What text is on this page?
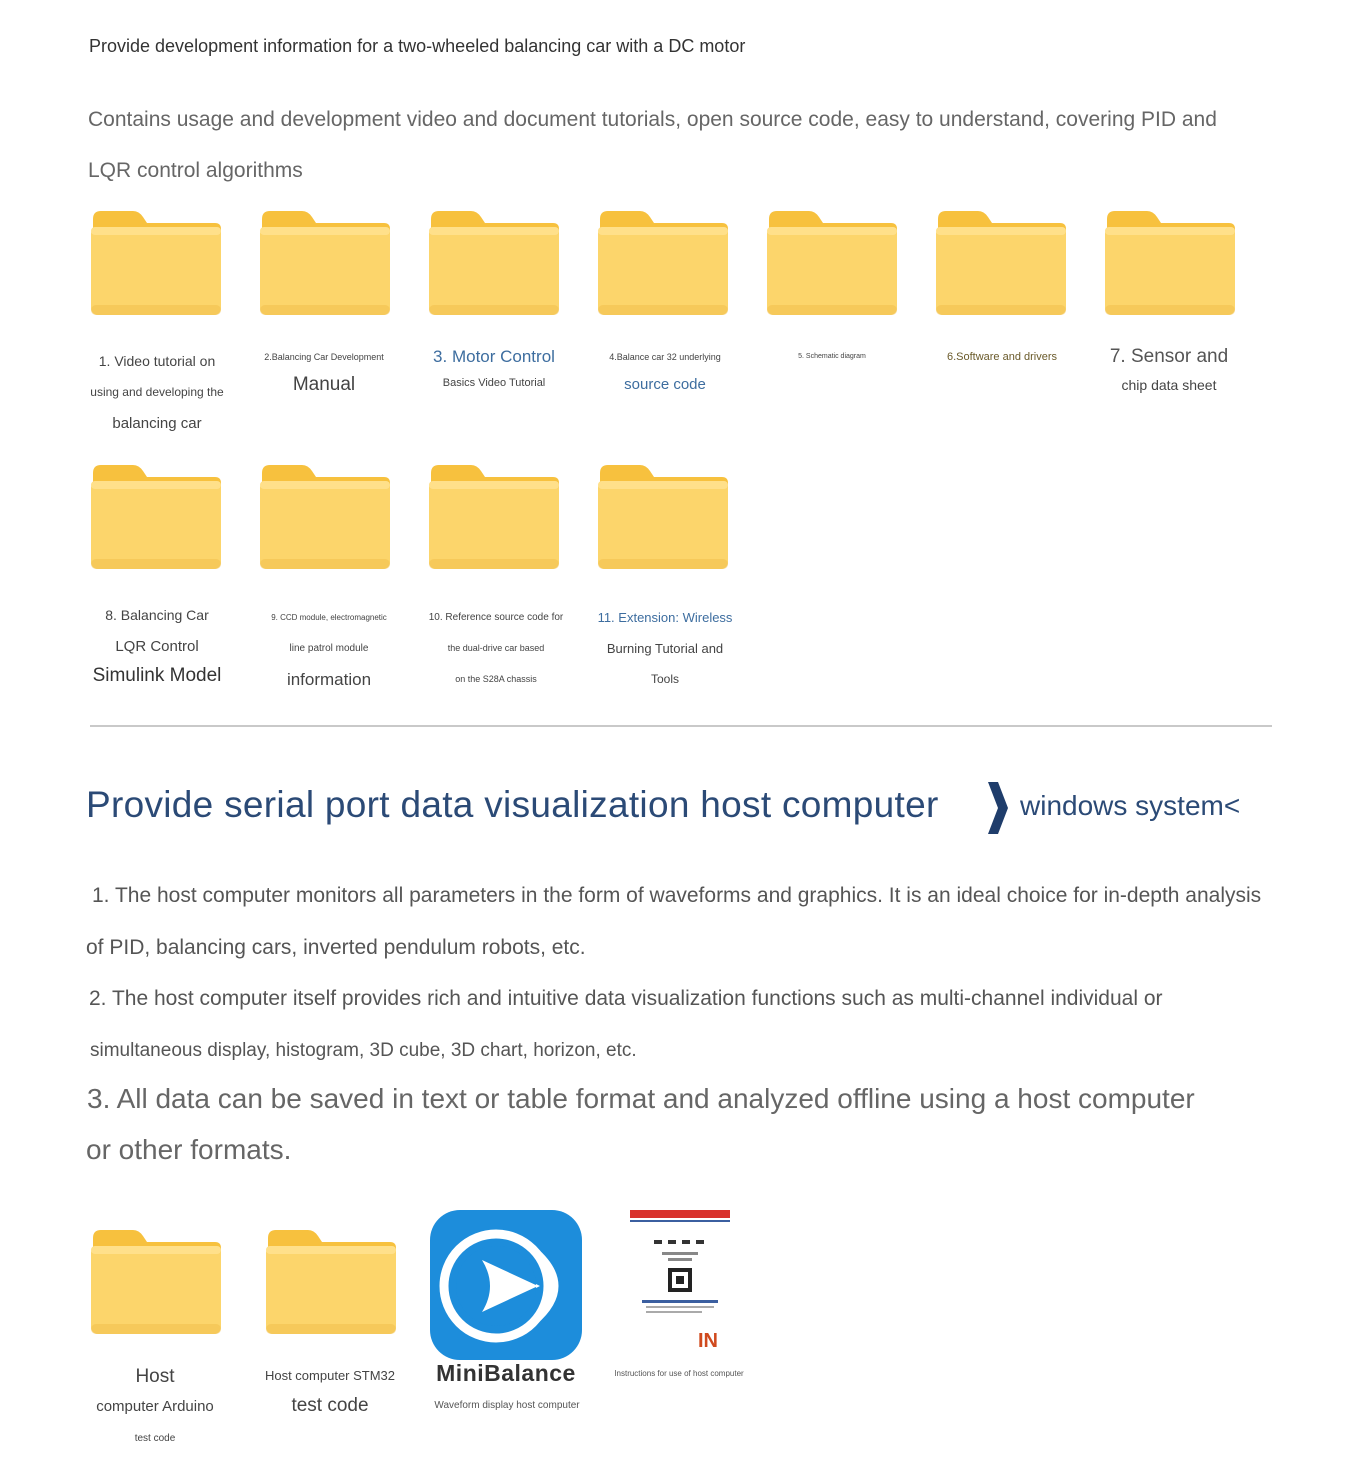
Provide development information for a two-wheeled balancing car with a DC motor
Contains usage and development video and document tutorials, open source code, easy to understand, covering PID and LQR control algorithms
1. Video tutorial on
using and developing the
balancing car
2.Balancing Car Development
Manual
3. Motor Control
Basics Video Tutorial
4.Balance car 32 underlying
source code
5. Schematic diagram	6.Software and drivers	7. Sensor and
chip data sheet
8. Balancing Car
LQR Control
Simulink Model
9. CCD module, electromagnetic
line patrol module
information
10. Reference source code for
the dual-drive car based
on the S28A chassis
11. Extension: Wireless
Burning Tutorial and
Tools
Provide serial port data visualization host computer	windows system<
1. The host computer monitors all parameters in the form of waveforms and graphics. It is an ideal choice for in-depth analysis
of PID, balancing cars, inverted pendulum robots, etc.
2. The host computer itself provides rich and intuitive data visualization functions such as multi-channel individual or
simultaneous display, histogram, 3D cube, 3D chart, horizon, etc.
3. All data can be saved in text or table format and analyzed offline using a host computer
or other formats.
Host
computer Arduino
test code
Host computer STM32
test code
MiniBalance
Waveform display host computer
IN
Instructions for use of host computer
